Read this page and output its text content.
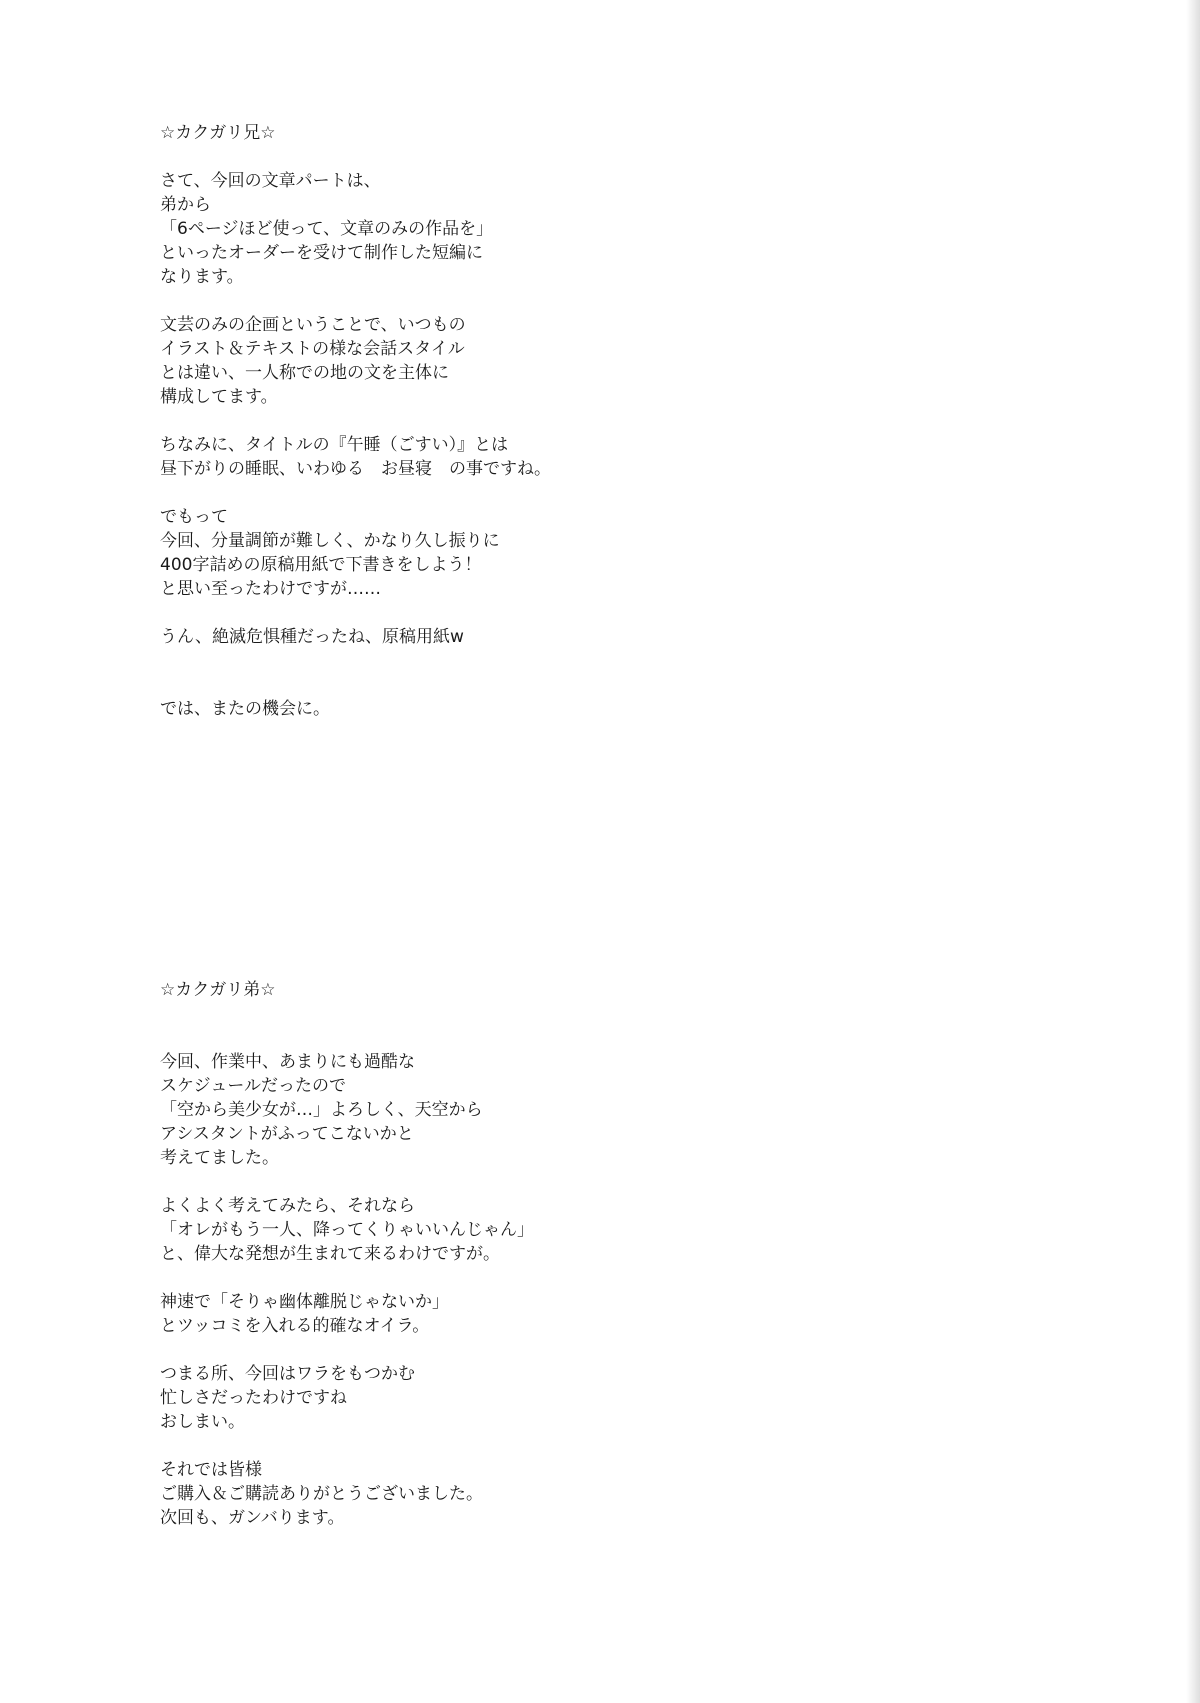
☆カクガリ兄☆

さて、今回の文章パートは、

弟から

「6ページほど使って、文章のみの作品を」

といったオーダーを受けて制作した短編に

なります。

文芸のみの企画ということで、いつもの

イラスト＆テキストの様な会話スタイル

とは違い、一人称での地の文を主体に

構成してます。

ちなみに、タイトルの『午睡（ごすい）』とは

昼下がりの睡眠、いわゆる　お昼寝　の事ですね。

でもって

今回、分量調節が難しく、かなり久し振りに

400字詰めの原稿用紙で下書きをしよう！

と思い至ったわけですが……

うん、絶滅危惧種だったね、原稿用紙w

では、またの機会に。

☆カクガリ弟☆

今回、作業中、あまりにも過酷な

スケジュールだったので

「空から美少女が…」よろしく、天空から

アシスタントがふってこないかと

考えてました。

よくよく考えてみたら、それなら

「オレがもう一人、降ってくりゃいいんじゃん」

と、偉大な発想が生まれて来るわけですが。

神速で「そりゃ幽体離脱じゃないか」

とツッコミを入れる的確なオイラ。

つまる所、今回はワラをもつかむ

忙しさだったわけですね

おしまい。

それでは皆様

ご購入＆ご購読ありがとうございました。

次回も、ガンバります。
